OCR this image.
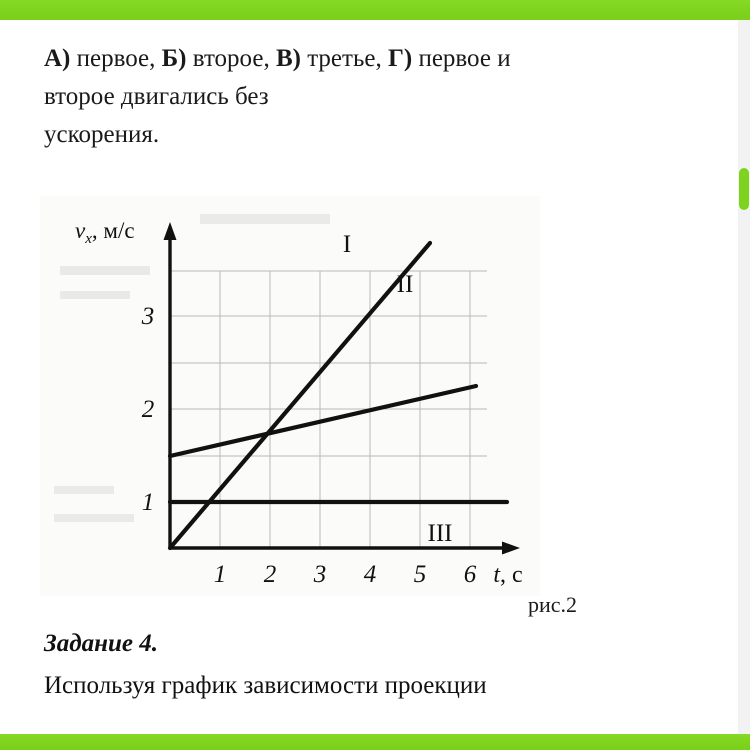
А) первое, Б) второе, В) третье, Г) первое и
второе двигались без
ускорения.
3
2
1
1 2 3 4 5 6 t, с
$v_x$, м/с
I
II
III
рис.2
Задание 4.
Используя график зависимости проекции
